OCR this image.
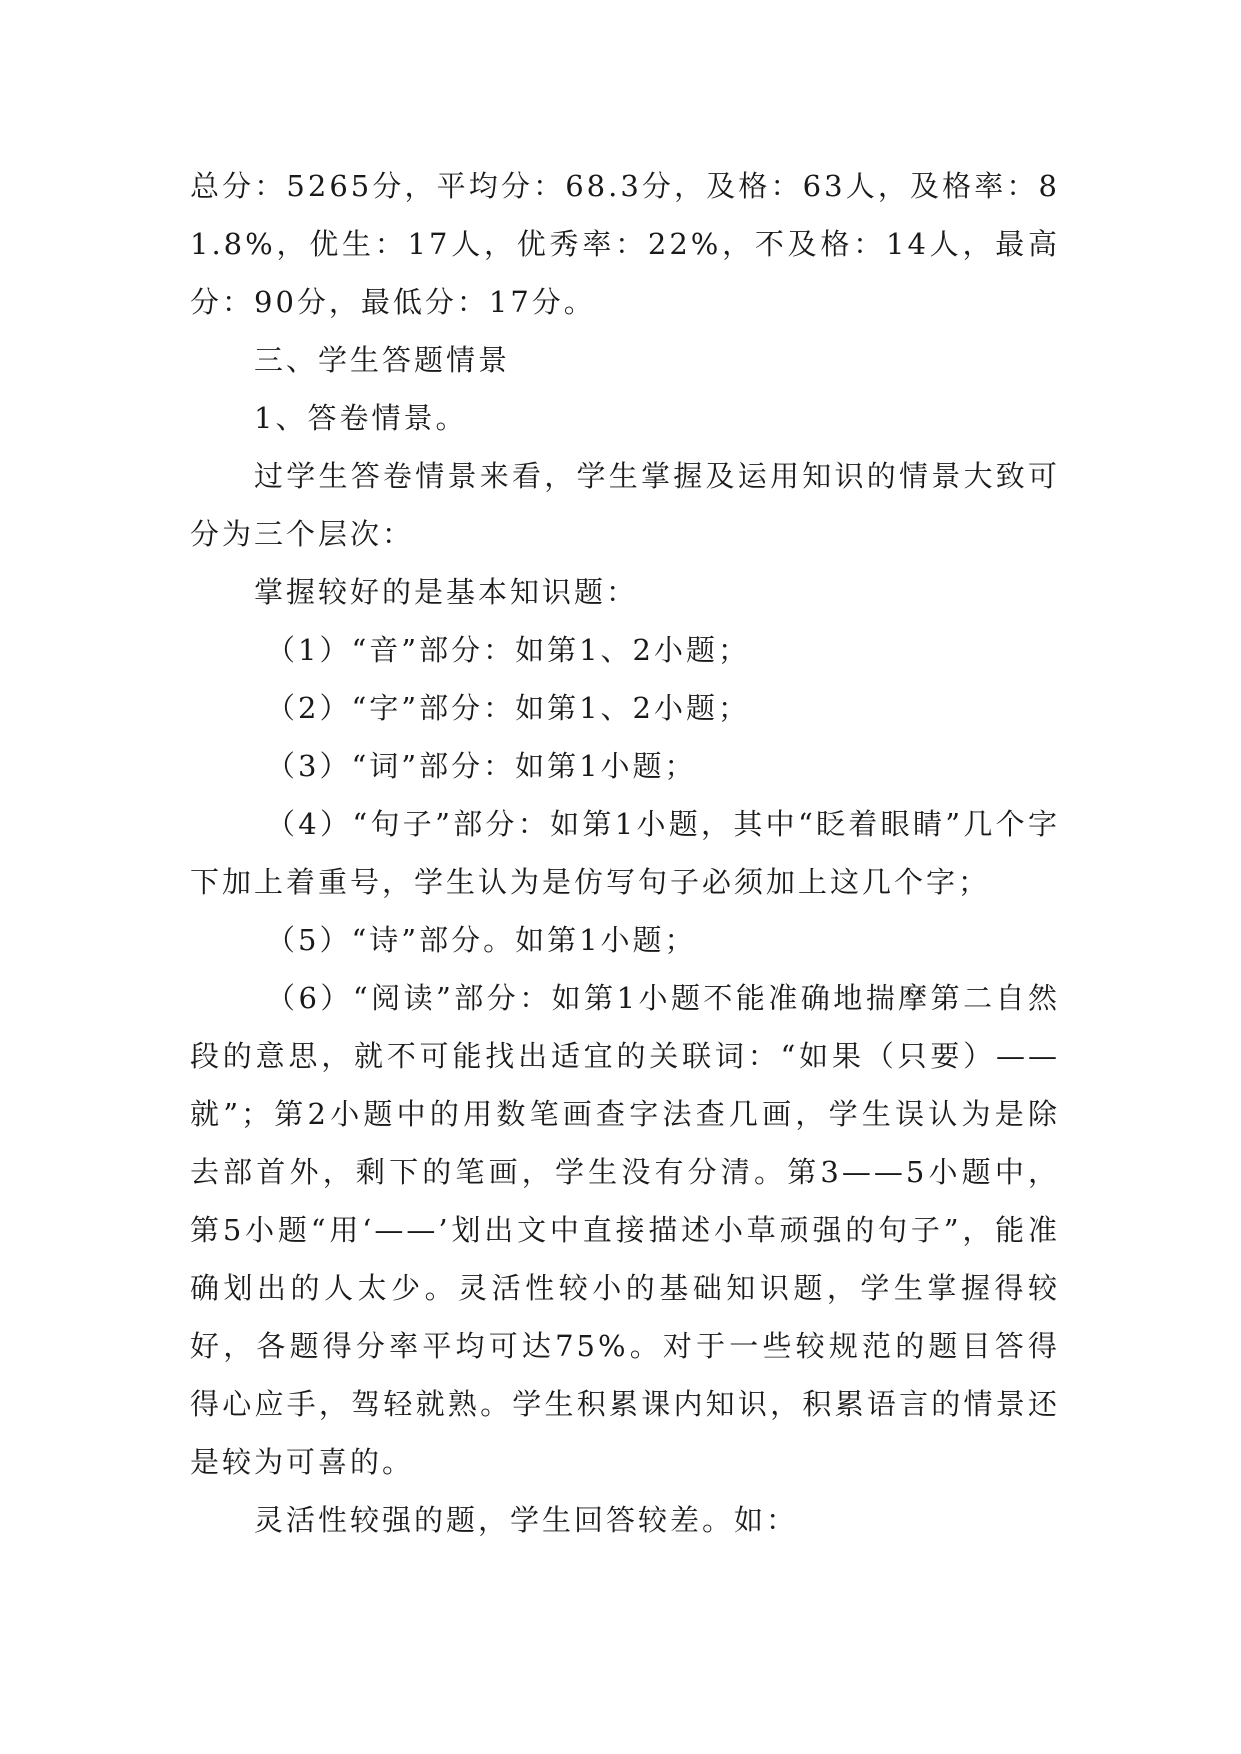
总分：5265分，平均分：68.3分，及格：63人，及格率：81.8%，优生：17人，优秀率：22%，不及格：14人，最高分：90分，最低分：17分。

三、学生答题情景

1、答卷情景。

过学生答卷情景来看，学生掌握及运用知识的情景大致可分为三个层次：

掌握较好的是基本知识题：

（1）“音”部分：如第1、2小题；

（2）“字”部分：如第1、2小题；

（3）“词”部分：如第1小题；

（4）“句子”部分：如第1小题，其中“眨着眼睛”几个字下加上着重号，学生认为是仿写句子必须加上这几个字；

（5）“诗”部分。如第1小题；

（6）“阅读”部分：如第1小题不能准确地揣摩第二自然段的意思，就不可能找出适宜的关联词：“如果（只要）——就”；第2小题中的用数笔画查字法查几画，学生误认为是除去部首外，剩下的笔画，学生没有分清。第3——5小题中，第5小题“用‘——’划出文中直接描述小草顽强的句子”，能准确划出的人太少。灵活性较小的基础知识题，学生掌握得较好，各题得分率平均可达75%。对于一些较规范的题目答得得心应手，驾轻就熟。学生积累课内知识，积累语言的情景还是较为可喜的。

灵活性较强的题，学生回答较差。如：
